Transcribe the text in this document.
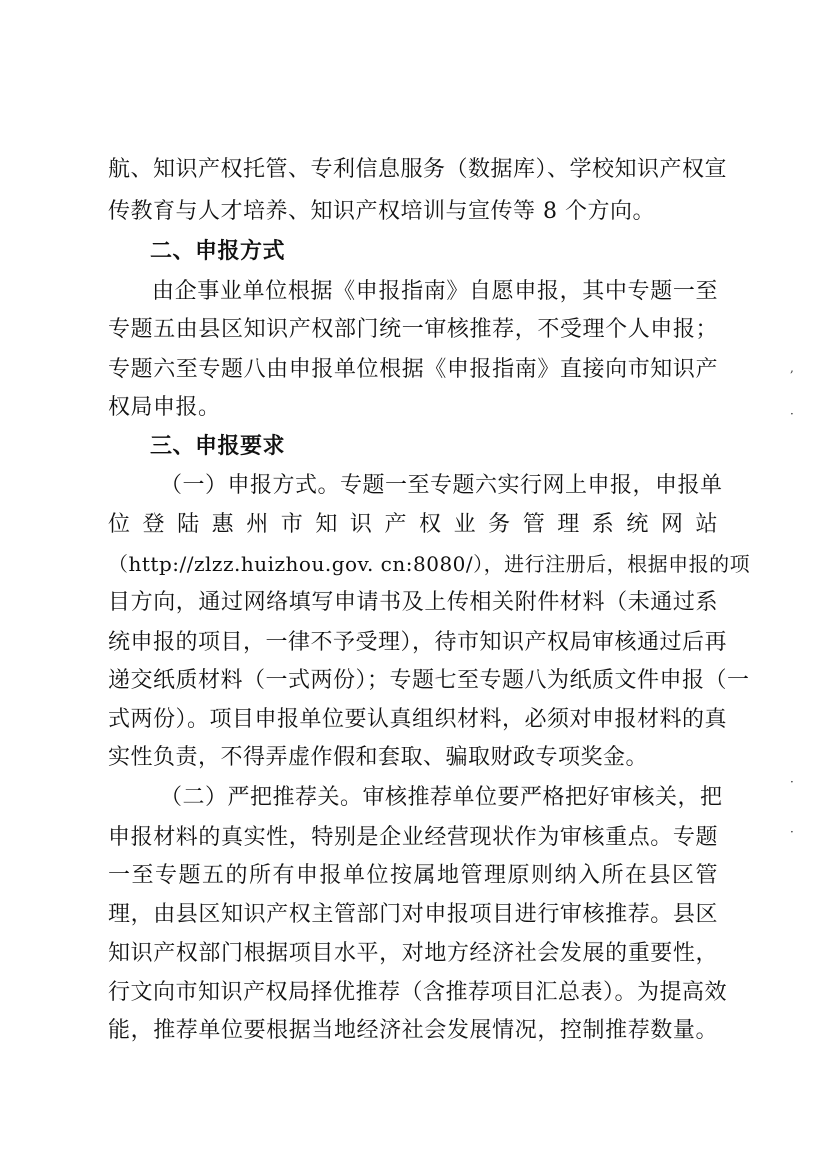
航、知识产权托管、专利信息服务（数据库）、学校知识产权宣
传教育与人才培养、知识产权培训与宣传等 8 个方向。
二、申报方式
由企事业单位根据《申报指南》自愿申报，其中专题一至
专题五由县区知识产权部门统一审核推荐，不受理个人申报；
专题六至专题八由申报单位根据《申报指南》直接向市知识产
权局申报。
三、申报要求
（一）申报方式。专题一至专题六实行网上申报，申报单
位登陆惠州市知识产权业务管理系统网站
（http://zlzz.huizhou.gov. cn:8080/），进行注册后，根据申报的项
目方向，通过网络填写申请书及上传相关附件材料（未通过系
统申报的项目，一律不予受理），待市知识产权局审核通过后再
递交纸质材料（一式两份）；专题七至专题八为纸质文件申报（一
式两份）。项目申报单位要认真组织材料，必须对申报材料的真
实性负责，不得弄虚作假和套取、骗取财政专项奖金。
（二）严把推荐关。审核推荐单位要严格把好审核关，把
申报材料的真实性，特别是企业经营现状作为审核重点。专题
一至专题五的所有申报单位按属地管理原则纳入所在县区管
理，由县区知识产权主管部门对申报项目进行审核推荐。县区
知识产权部门根据项目水平，对地方经济社会发展的重要性，
行文向市知识产权局择优推荐（含推荐项目汇总表）。为提高效
能，推荐单位要根据当地经济社会发展情况，控制推荐数量。
,
·
·
·
